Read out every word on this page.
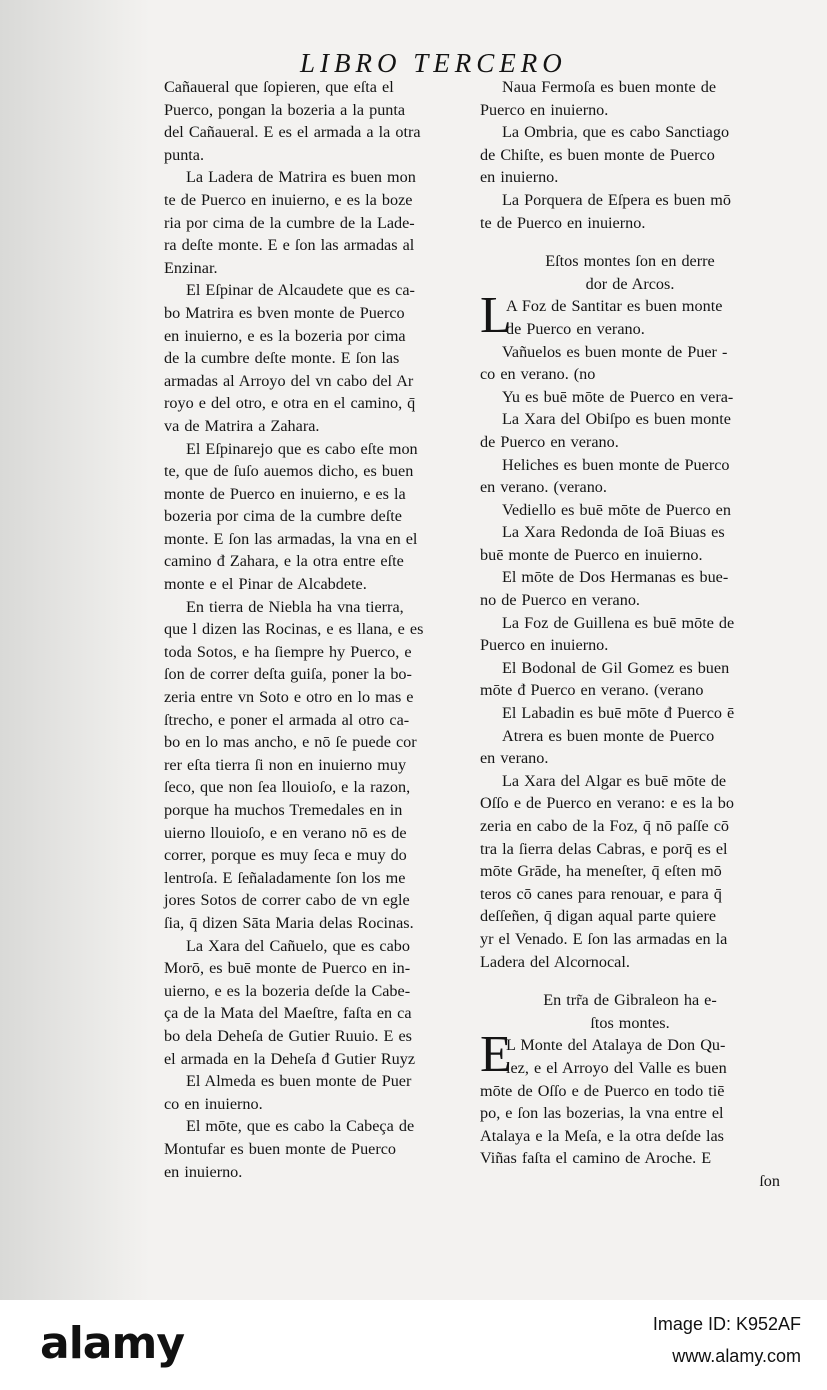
LIBRO TERCERO
Cañaueral que ſopieren, que eſta el
Puerco, pongan la bozeria a la punta
del Cañaueral. E es el armada a la otra
punta.
La Ladera de Matrira es buen mon
te de Puerco en inuierno, e es la boze
ria por cima de la cumbre de la Lade-
ra deſte monte. E e ſon las armadas al
Enzinar.
El Eſpinar de Alcaudete que es ca-
bo Matrira es bven monte de Puerco
en inuierno, e es la bozeria por cima
de la cumbre deſte monte. E ſon las
armadas al Arroyo del vn cabo del Ar
royo e del otro, e otra en el camino, q̄
va de Matrira a Zahara.
El Eſpinarejo que es cabo eſte mon
te, que de ſuſo auemos dicho, es buen
monte de Puerco en inuierno, e es la
bozeria por cima de la cumbre deſte
monte. E ſon las armadas, la vna en el
camino đ Zahara, e la otra entre eſte
monte e el Pinar de Alcabdete.
En tierra de Niebla ha vna tierra,
que l dizen las Rocinas, e es llana, e es
toda Sotos, e ha ſiempre hy Puerco, e
ſon de correr deſta guiſa, poner la bo-
zeria entre vn Soto e otro en lo mas e
ſtrecho, e poner el armada al otro ca-
bo en lo mas ancho, e nō ſe puede cor
rer eſta tierra ſi non en inuierno muy
ſeco, que non ſea llouioſo, e la razon,
porque ha muchos Tremedales en in
uierno llouioſo, e en verano nō es de
correr, porque es muy ſeca e muy do
lentroſa. E ſeñaladamente ſon los me
jores Sotos de correr cabo de vn egle
ſia, q̄ dizen Sāta Maria delas Rocinas.
La Xara del Cañuelo, que es cabo
Morō, es buē monte de Puerco en in-
uierno, e es la bozeria deſde la Cabe-
ça de la Mata del Maeſtre, faſta en ca
bo dela Deheſa de Gutier Ruuio. E es
el armada en la Deheſa đ Gutier Ruyz
El Almeda es buen monte de Puer
co en inuierno.
El mōte, que es cabo la Cabeça de
Montufar es buen monte de Puerco
en inuierno.
Naua Fermoſa es buen monte de
Puerco en inuierno.
La Ombria, que es cabo Sanctiago
de Chiſte, es buen monte de Puerco
en inuierno.
La Porquera de Eſpera es buen mō
te de Puerco en inuierno.
Eſtos montes ſon en derre
dor de Arcos.
L
A Foz de Santitar es buen monte
de Puerco en verano.
Vañuelos es buen monte de Puer -
co en verano. (no
Yu es buē mōte de Puerco en vera-
La Xara del Obiſpo es buen monte
de Puerco en verano.
Heliches es buen monte de Puerco
en verano. (verano.
Vediello es buē mōte de Puerco en
La Xara Redonda de Ioā Biuas es
buē monte de Puerco en inuierno.
El mōte de Dos Hermanas es bue-
no de Puerco en verano.
La Foz de Guillena es buē mōte de
Puerco en inuierno.
El Bodonal de Gil Gomez es buen
mōte đ Puerco en verano. (verano
El Labadin es buē mōte đ Puerco ē
Atrera es buen monte de Puerco
en verano.
La Xara del Algar es buē mōte de
Oſſo e de Puerco en verano: e es la bo
zeria en cabo de la Foz, q̄ nō paſſe cō
tra la ſierra delas Cabras, e porq̄ es el
mōte Grāde, ha meneſter, q̄ eſten mō
teros cō canes para renouar, e para q̄
deſſeñen, q̄ digan aqual parte quiere
yr el Venado. E ſon las armadas en la
Ladera del Alcornocal.
En trr̃a de Gibraleon ha e-
ſtos montes.
E
L Monte del Atalaya de Don Qu-
lez, e el Arroyo del Valle es buen
mōte de Oſſo e de Puerco en todo tiē
po, e ſon las bozerias, la vna entre el
Atalaya e la Meſa, e la otra deſde las
Viñas faſta el camino de Aroche. E
ſon
alamy	Image ID: K952AF
www.alamy.com
